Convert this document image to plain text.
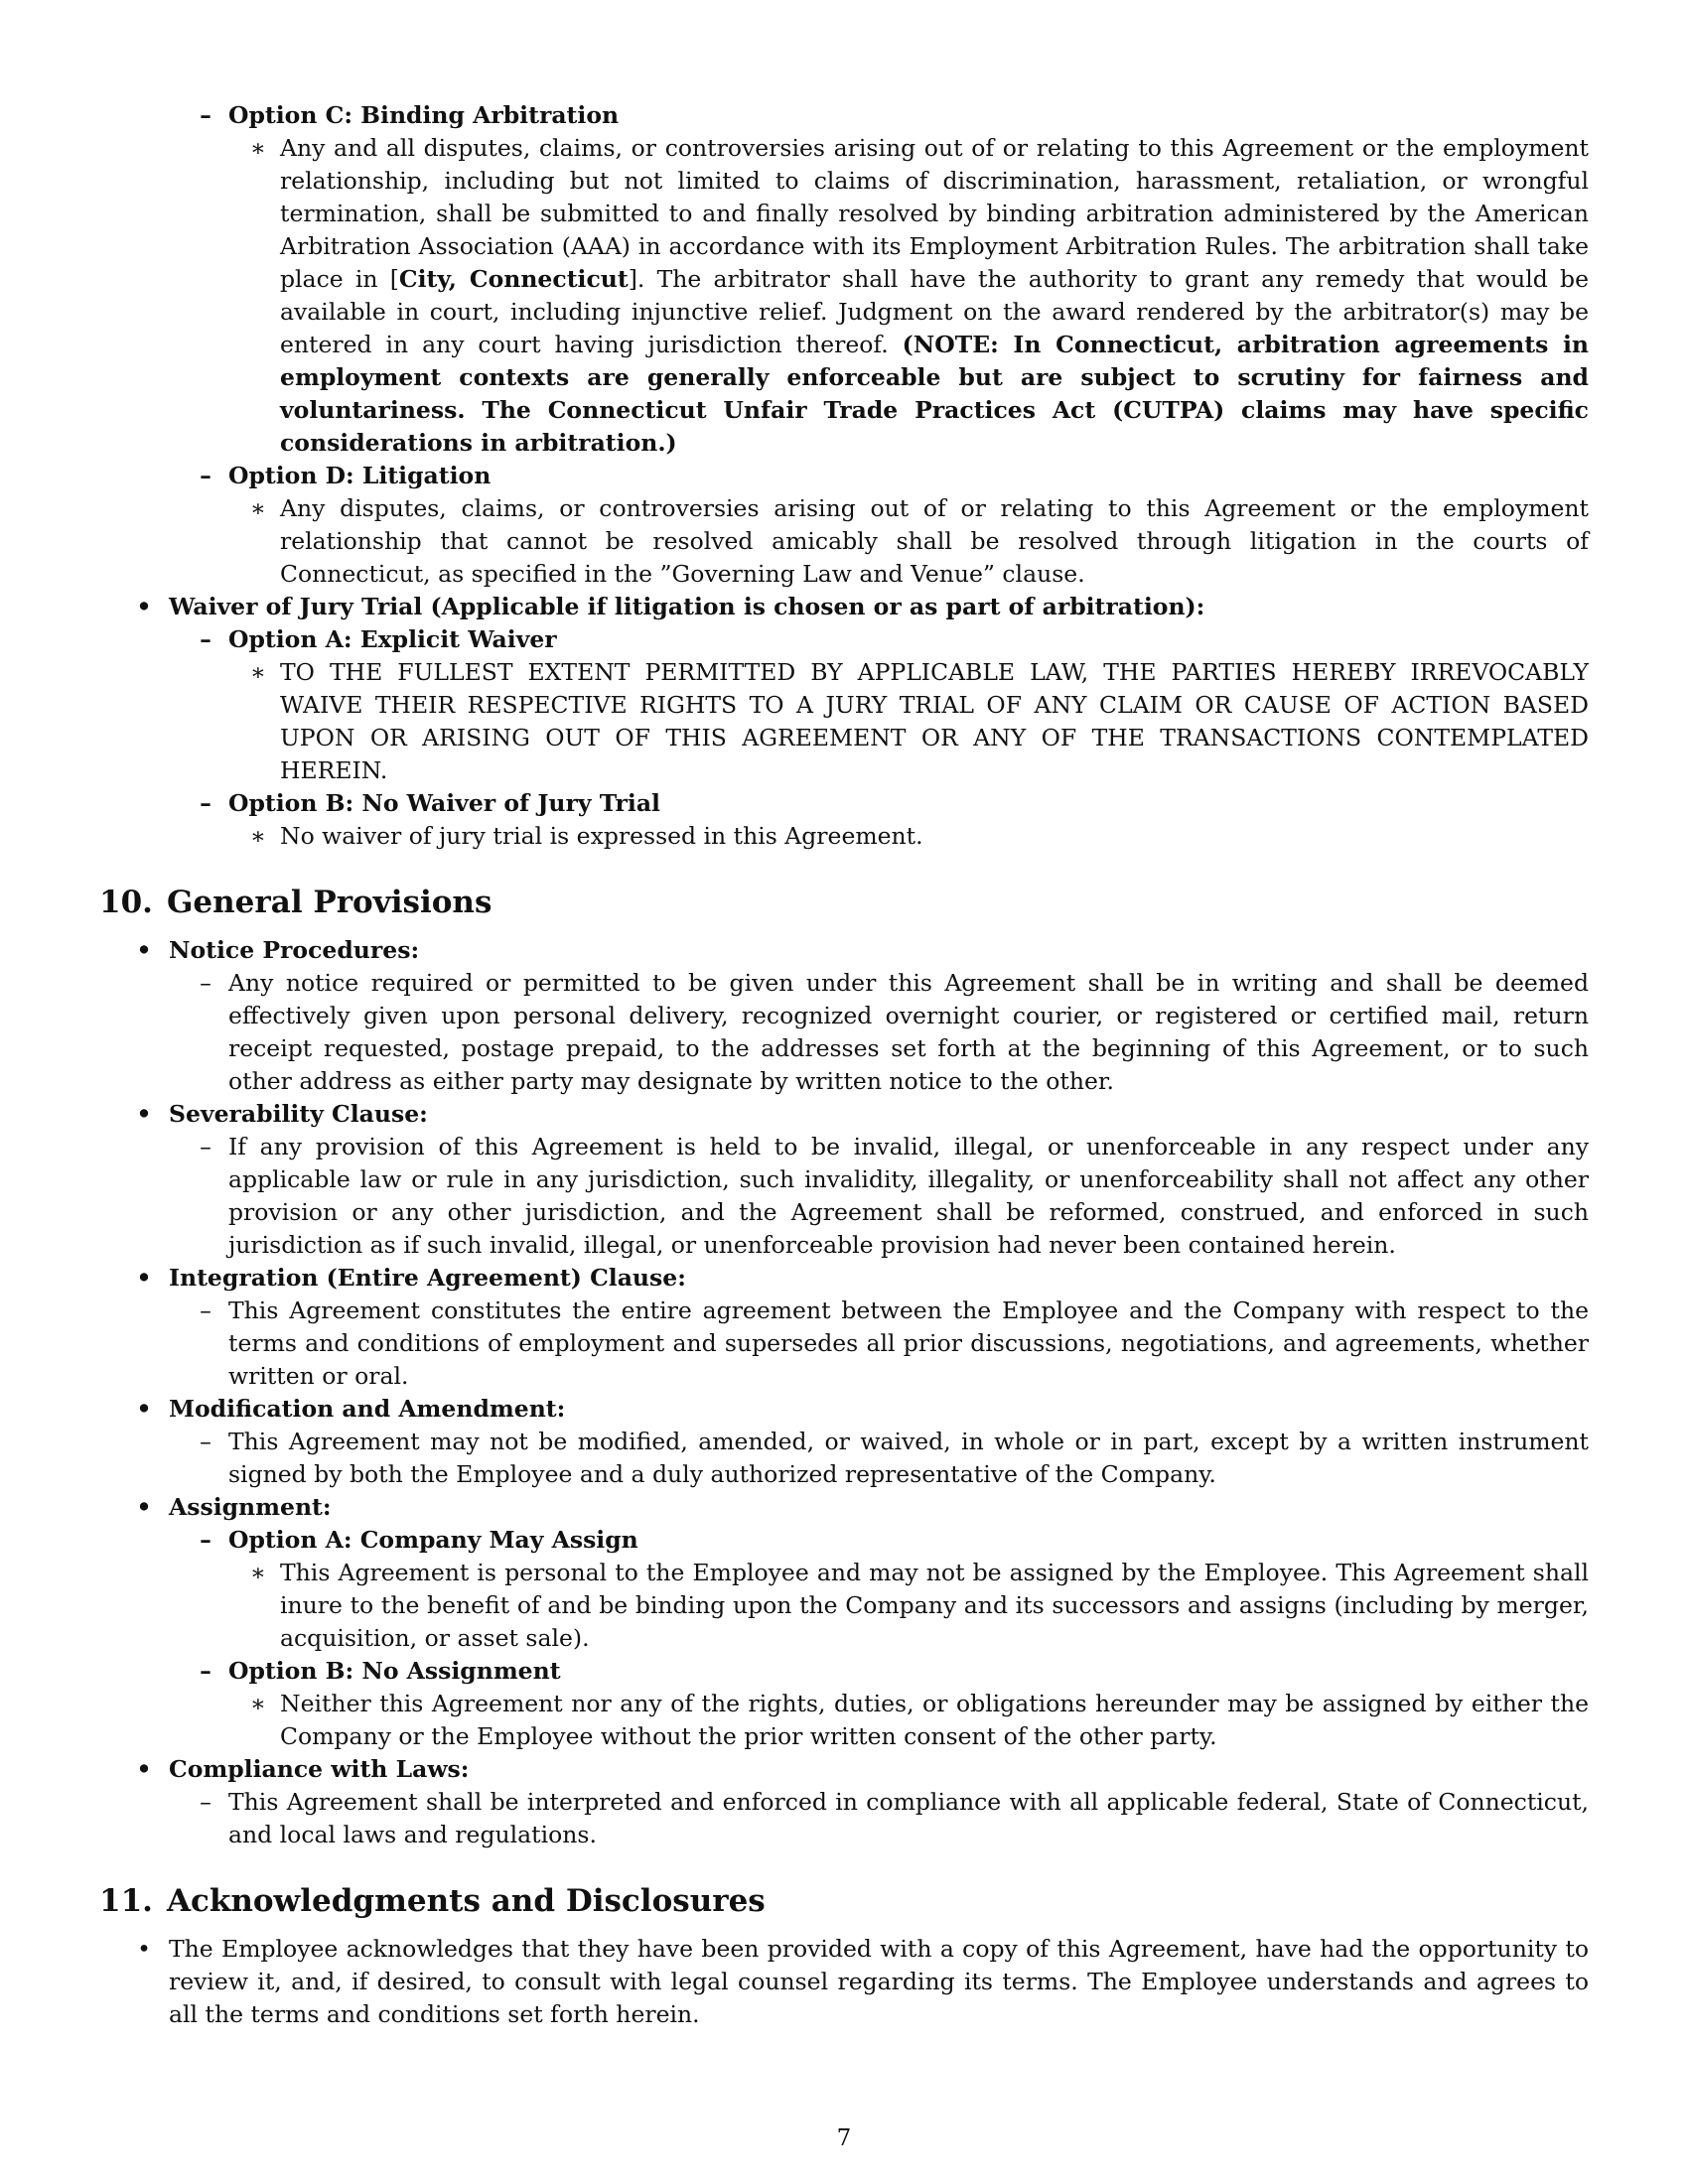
– Option C: Binding Arbitration
∗ Any and all disputes, claims, or controversies arising out of or relating to this Agreement or the employment relationship, including but not limited to claims of discrimination, harassment, retaliation, or wrongful termination, shall be submitted to and finally resolved by binding arbitration administered by the American Arbitration Association (AAA) in accordance with its Employment Arbitration Rules. The arbitration shall take place in [City, Connecticut]. The arbitrator shall have the authority to grant any remedy that would be available in court, including injunctive relief. Judgment on the award rendered by the arbitrator(s) may be entered in any court having jurisdiction thereof. (NOTE: In Connecticut, arbitration agreements in employment contexts are generally enforceable but are subject to scrutiny for fairness and voluntariness. The Connecticut Unfair Trade Practices Act (CUTPA) claims may have specific considerations in arbitration.)
– Option D: Litigation
∗ Any disputes, claims, or controversies arising out of or relating to this Agreement or the employment relationship that cannot be resolved amicably shall be resolved through litigation in the courts of Connecticut, as specified in the ”Governing Law and Venue” clause.
• Waiver of Jury Trial (Applicable if litigation is chosen or as part of arbitration):
– Option A: Explicit Waiver
∗ TO THE FULLEST EXTENT PERMITTED BY APPLICABLE LAW, THE PARTIES HEREBY IRREVOCABLY WAIVE THEIR RESPECTIVE RIGHTS TO A JURY TRIAL OF ANY CLAIM OR CAUSE OF ACTION BASED UPON OR ARISING OUT OF THIS AGREEMENT OR ANY OF THE TRANSACTIONS CONTEMPLATED HEREIN.
– Option B: No Waiver of Jury Trial
∗ No waiver of jury trial is expressed in this Agreement.
10. General Provisions
• Notice Procedures:
– Any notice required or permitted to be given under this Agreement shall be in writing and shall be deemed effectively given upon personal delivery, recognized overnight courier, or registered or certified mail, return receipt requested, postage prepaid, to the addresses set forth at the beginning of this Agreement, or to such other address as either party may designate by written notice to the other.
• Severability Clause:
– If any provision of this Agreement is held to be invalid, illegal, or unenforceable in any respect under any applicable law or rule in any jurisdiction, such invalidity, illegality, or unenforceability shall not affect any other provision or any other jurisdiction, and the Agreement shall be reformed, construed, and enforced in such jurisdiction as if such invalid, illegal, or unenforceable provision had never been contained herein.
• Integration (Entire Agreement) Clause:
– This Agreement constitutes the entire agreement between the Employee and the Company with respect to the terms and conditions of employment and supersedes all prior discussions, negotiations, and agreements, whether written or oral.
• Modification and Amendment:
– This Agreement may not be modified, amended, or waived, in whole or in part, except by a written instrument signed by both the Employee and a duly authorized representative of the Company.
• Assignment:
– Option A: Company May Assign
∗ This Agreement is personal to the Employee and may not be assigned by the Employee. This Agreement shall inure to the benefit of and be binding upon the Company and its successors and assigns (including by merger, acquisition, or asset sale).
– Option B: No Assignment
∗ Neither this Agreement nor any of the rights, duties, or obligations hereunder may be assigned by either the Company or the Employee without the prior written consent of the other party.
• Compliance with Laws:
– This Agreement shall be interpreted and enforced in compliance with all applicable federal, State of Connecticut, and local laws and regulations.
11. Acknowledgments and Disclosures
• The Employee acknowledges that they have been provided with a copy of this Agreement, have had the opportunity to review it, and, if desired, to consult with legal counsel regarding its terms. The Employee understands and agrees to all the terms and conditions set forth herein.
7
